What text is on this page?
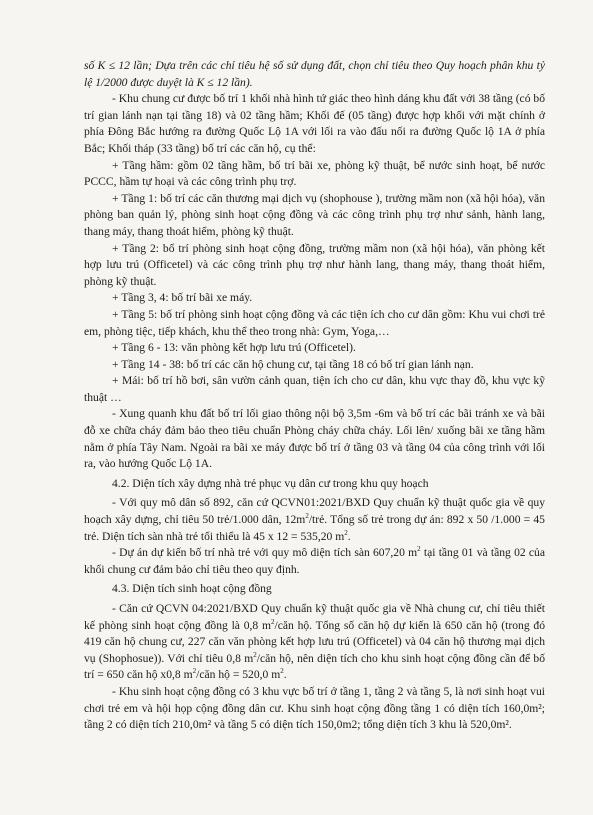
số K ≤ 12 lần; Dựa trên các chỉ tiêu hệ số sử dụng đất, chọn chỉ tiêu theo Quy hoạch phân khu tỷ lệ 1/2000 được duyệt là K ≤ 12 lần).

- Khu chung cư được bố trí 1 khối nhà hình tứ giác theo hình dáng khu đất với 38 tầng (có bố trí gian lánh nạn tại tầng 18) và 02 tầng hầm; Khối đế (05 tầng) được hợp khối với mặt chính ở phía Đông Bắc hướng ra đường Quốc Lộ 1A với lối ra vào đấu nối ra đường Quốc lộ 1A ở phía Bắc; Khối tháp (33 tầng) bố trí các căn hộ, cụ thể:

+ Tầng hầm: gồm 02 tầng hầm, bố trí bãi xe, phòng kỹ thuật, bể nước sinh hoạt, bể nước PCCC, hầm tự hoại và các công trình phụ trợ.

+ Tầng 1: bố trí các căn thương mại dịch vụ (shophouse ), trường mầm non (xã hội hóa), văn phòng ban quản lý, phòng sinh hoạt cộng đồng và các công trình phụ trợ như sảnh, hành lang, thang máy, thang thoát hiểm, phòng kỹ thuật.

+ Tầng 2: bố trí phòng sinh hoạt cộng đồng, trường mầm non (xã hội hóa), văn phòng kết hợp lưu trú (Officetel) và các công trình phụ trợ như hành lang, thang máy, thang thoát hiểm, phòng kỹ thuật.

+ Tầng 3, 4: bố trí bãi xe máy.

+ Tầng 5: bố trí phòng sinh hoạt cộng đồng và các tiện ích cho cư dân gồm: Khu vui chơi trẻ em, phòng tiệc, tiếp khách, khu thể theo trong nhà: Gym, Yoga,…

+ Tầng 6 - 13: văn phòng kết hợp lưu trú (Officetel).

+ Tầng 14 - 38: bố trí các căn hộ chung cư, tại tầng 18 có bố trí gian lánh nạn.

+ Mái: bố trí hồ bơi, sân vườn cảnh quan, tiện ích cho cư dân, khu vực thay đồ, khu vực kỹ thuật …

- Xung quanh khu đất bố trí lối giao thông nội bộ 3,5m -6m và bố trí các bãi tránh xe và bãi đỗ xe chữa cháy đảm bảo theo tiêu chuẩn Phòng cháy chữa cháy. Lối lên/ xuống bãi xe tầng hầm nằm ở phía Tây Nam. Ngoài ra bãi xe máy được bố trí ở tầng 03 và tầng 04 của công trình với lối ra, vào hướng Quốc Lộ 1A.

4.2. Diện tích xây dựng nhà trẻ phục vụ dân cư trong khu quy hoạch

- Với quy mô dân số 892, căn cứ QCVN01:2021/BXD Quy chuẩn kỹ thuật quốc gia về quy hoạch xây dựng, chỉ tiêu 50 trẻ/1.000 dân, $12m^2$/trẻ. Tổng số trẻ trong dự án: 892 x 50 /1.000 = 45 trẻ. Diện tích sàn nhà trẻ tối thiểu là 45 x 12 = 535,20 $m^2$.

- Dự án dự kiến bố trí nhà trẻ với quy mô diện tích sàn 607,20 $m^2$ tại tầng 01 và tầng 02 của khối chung cư đảm bảo chỉ tiêu theo quy định.

4.3. Diện tích sinh hoạt cộng đồng

- Căn cứ QCVN 04:2021/BXD Quy chuẩn kỹ thuật quốc gia về Nhà chung cư, chỉ tiêu thiết kế phòng sinh hoạt cộng đồng là 0,8 $m^2$/căn hộ. Tổng số căn hộ dự kiến là 650 căn hộ (trong đó 419 căn hộ chung cư, 227 căn văn phòng kết hợp lưu trú (Officetel) và 04 căn hộ thương mại dịch vụ (Shophosue)). Với chỉ tiêu 0,8 $m^2$/căn hộ, nên diện tích cho khu sinh hoạt cộng đồng cần để bố trí = 650 căn hộ x0,8 $m^2$/căn hộ = 520,0 $m^2$.

- Khu sinh hoạt cộng đồng có 3 khu vực bố trí ở tầng 1, tầng 2 và tầng 5, là nơi sinh hoạt vui chơi trẻ em và hội họp cộng đồng dân cư. Khu sinh hoạt cộng đồng tầng 1 có diện tích 160,0m²; tầng 2 có diện tích 210,0m² và tầng 5 có diện tích 150,0m2; tổng diện tích 3 khu là 520,0m².
